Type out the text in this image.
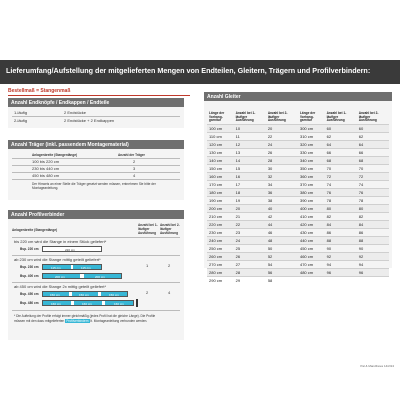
Lieferumfang/Aufstellung der mitgelieferten Mengen von Endteilen, Gleitern, Trägern und Profilverbindern:
Bestellmaß = Stangenmaß
Anzahl Endknöpfe / Endkappen / Endteile
1-läufig	2 Endstücke
2-läufig	2 Endstücke + 2 Endkappen
Anzahl Träger (inkl. passendem Montagematerial)
Anlagenbreite (Stangenlänge)	Anzahl der Träger
100 bis 220 cm	2
230 bis 440 cm	3
450 bis 480 cm	4
Der Hinweis an einer Stelle die Träger gesetzt werden müssen, entnehmen Sie bitte der Montageanleitung.
Anzahl Profilverbinder
Anlagenbreite (Stangenlänge)
Anzahl bei 1-läufiger Ausführung
Anzahl bei 2-läufiger Ausführung
bis 220 cm wird die Stange in einem Stück geliefert*
Bsp. 220 cm	220 cm
ab 230 cm wird die Stange mittig geteilt geliefert*
1	2
Bsp. 230 cm	115 cm	115 cm
Bsp. 400 cm	200 cm	200 cm
ab 450 cm wird die Stange 2x mittig geteilt geliefert*
2	4
Bsp. 450 cm	150 cm	150 cm	150 cm
Bsp. 480 cm	160 cm	160 cm	160 cm
* Die Aufteilung der Profile erfolgt immer gleichmäßig (jedes Profil hat die gleiche Länge). Die Profile
müssen mit den dazu mitgelieferten Profilverbindern lt. Montageanleitung verbunden werden.
Anzahl Gleiter
Länge der Vorhang-garnitur	Anzahl bei 1-läufiger Ausführung	Anzahl bei 2-läufiger Ausführung	Länge der Vorhang-garnitur	Anzahl bei 1-läufiger Ausführung	Anzahl bei 2-läufiger Ausführung
100 cm	10	20	300 cm	60	60
110 cm	11	22	310 cm	62	62
120 cm	12	24	320 cm	64	64
130 cm	13	26	330 cm	66	66
140 cm	14	28	340 cm	68	68
150 cm	15	30	350 cm	70	70
160 cm	16	32	360 cm	72	72
170 cm	17	34	370 cm	74	74
180 cm	18	36	380 cm	76	76
190 cm	19	38	390 cm	78	78
200 cm	20	40	400 cm	80	80
210 cm	21	42	410 cm	82	82
220 cm	22	44	420 cm	84	84
230 cm	23	46	430 cm	86	86
240 cm	24	48	440 cm	88	88
250 cm	25	50	450 cm	90	90
260 cm	26	52	460 cm	92	92
270 cm	27	54	470 cm	94	94
280 cm	28	56	480 cm	96	96
290 cm	29	58			
Pal & Mandfreies 14/2/24
